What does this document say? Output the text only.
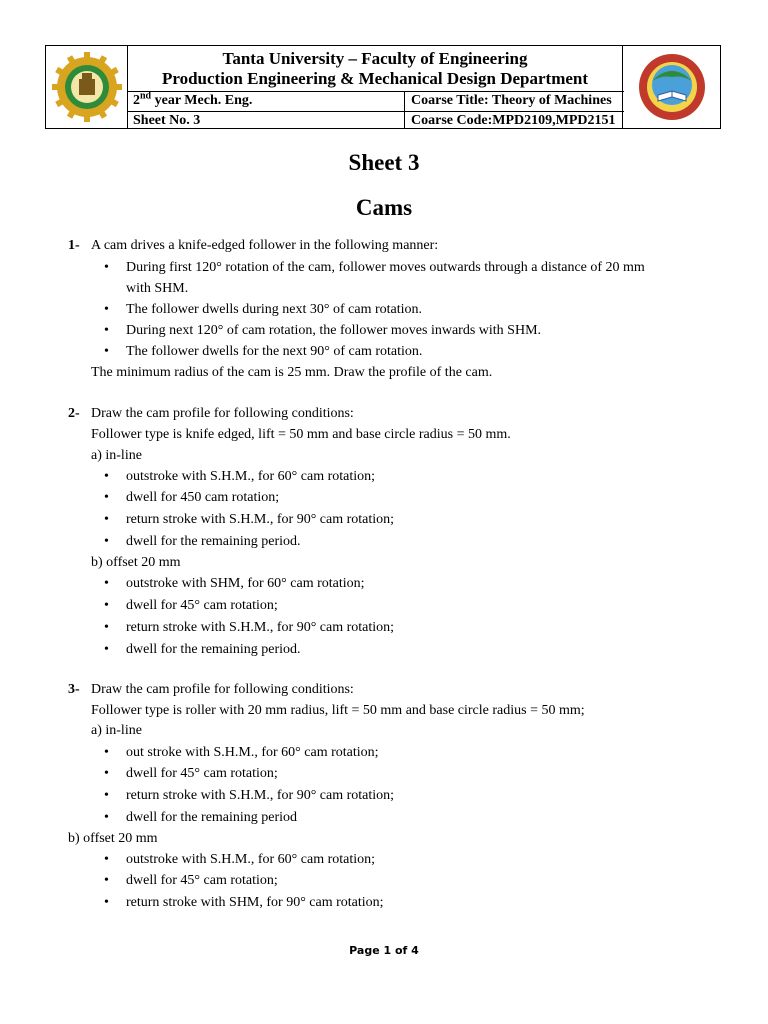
Tanta University – Faculty of Engineering
Production Engineering & Mechanical Design Department
2nd year Mech. Eng.	Coarse Title: Theory of Machines
Sheet No. 3	Coarse Code:MPD2109,MPD2151
Sheet 3
Cams
1- A cam drives a knife-edged follower in the following manner:
• During first 120° rotation of the cam, follower moves outwards through a distance of 20 mm
with SHM.
• The follower dwells during next 30° of cam rotation.
• During next 120° of cam rotation, the follower moves inwards with SHM.
• The follower dwells for the next 90° of cam rotation.
The minimum radius of the cam is 25 mm. Draw the profile of the cam.
2- Draw the cam profile for following conditions:
Follower type is knife edged, lift = 50 mm and base circle radius = 50 mm.
a) in-line
• outstroke with S.H.M., for 60° cam rotation;
• dwell for 450 cam rotation;
• return stroke with S.H.M., for 90° cam rotation;
• dwell for the remaining period.
b) offset 20 mm
• outstroke with SHM, for 60° cam rotation;
• dwell for 45° cam rotation;
• return stroke with S.H.M., for 90° cam rotation;
• dwell for the remaining period.
3- Draw the cam profile for following conditions:
Follower type is roller with 20 mm radius, lift = 50 mm and base circle radius = 50 mm;
a) in-line
• out stroke with S.H.M., for 60° cam rotation;
• dwell for 45° cam rotation;
• return stroke with S.H.M., for 90° cam rotation;
• dwell for the remaining period
b) offset 20 mm
• outstroke with S.H.M., for 60° cam rotation;
• dwell for 45° cam rotation;
• return stroke with SHM, for 90° cam rotation;
Page 1 of 4
